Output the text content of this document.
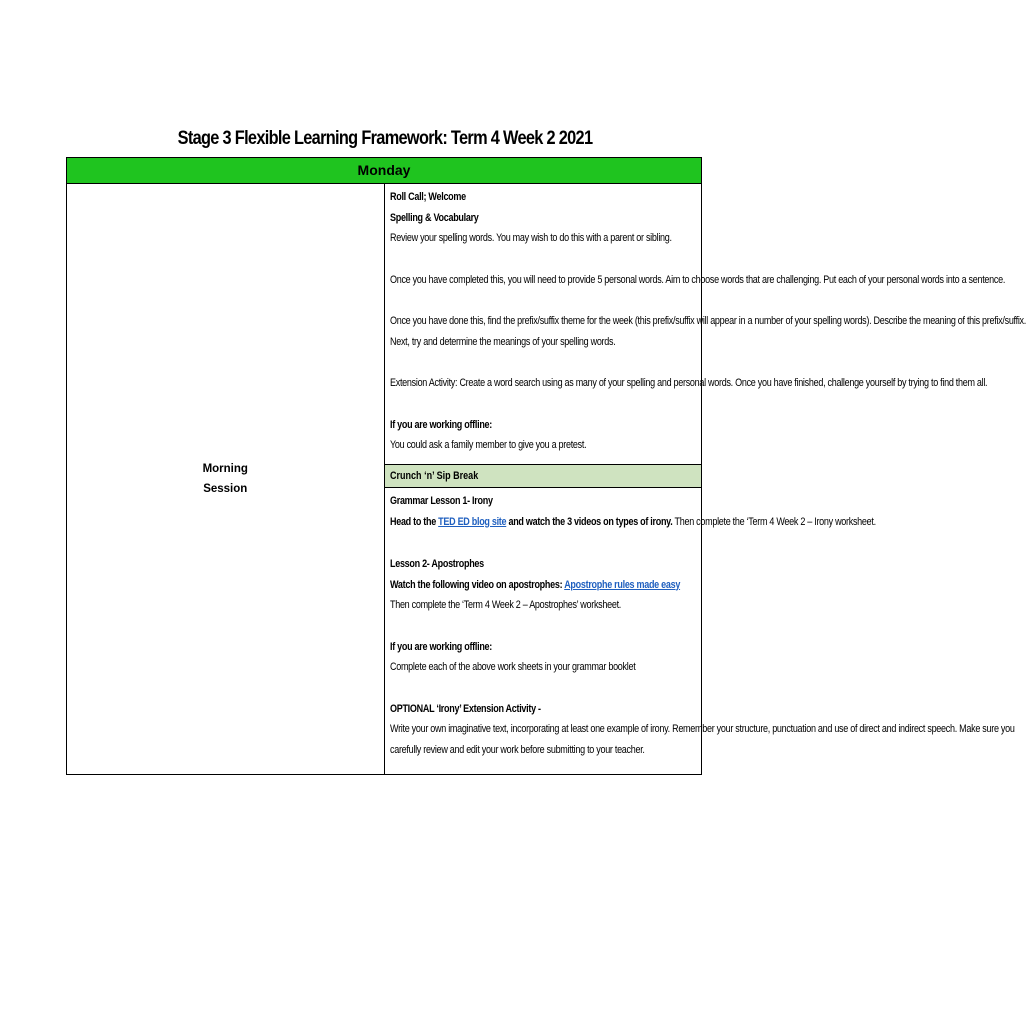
Stage 3 Flexible Learning Framework: Term 4 Week 2 2021
Monday
Morning
Session	
Roll Call; Welcome
Spelling & Vocabulary
Review your spelling words. You may wish to do this with a parent or sibling.
Once you have completed this, you will need to provide 5 personal words. Aim to choose words that are challenging. Put each of your personal words into a sentence.
Once you have done this, find the prefix/suffix theme for the week (this prefix/suffix will appear in a number of your spelling words). Describe the meaning of this prefix/suffix.
Next, try and determine the meanings of your spelling words.
Extension Activity: Create a word search using as many of your spelling and personal words. Once you have finished, challenge yourself by trying to find them all.
If you are working offline:
You could ask a family member to give you a pretest.

Crunch ‘n’ Sip Break

Grammar Lesson 1- Irony
Head to the TED ED blog site and watch the 3 videos on types of irony. Then complete the ‘Term 4 Week 2 – Irony worksheet.
Lesson 2- Apostrophes
Watch the following video on apostrophes: Apostrophe rules made easy
Then complete the ‘Term 4 Week 2 – Apostrophes’ worksheet.
If you are working offline:
Complete each of the above work sheets in your grammar booklet
OPTIONAL ‘Irony’ Extension Activity -
Write your own imaginative text, incorporating at least one example of irony. Remember your structure, punctuation and use of direct and indirect speech. Make sure you
carefully review and edit your work before submitting to your teacher.
